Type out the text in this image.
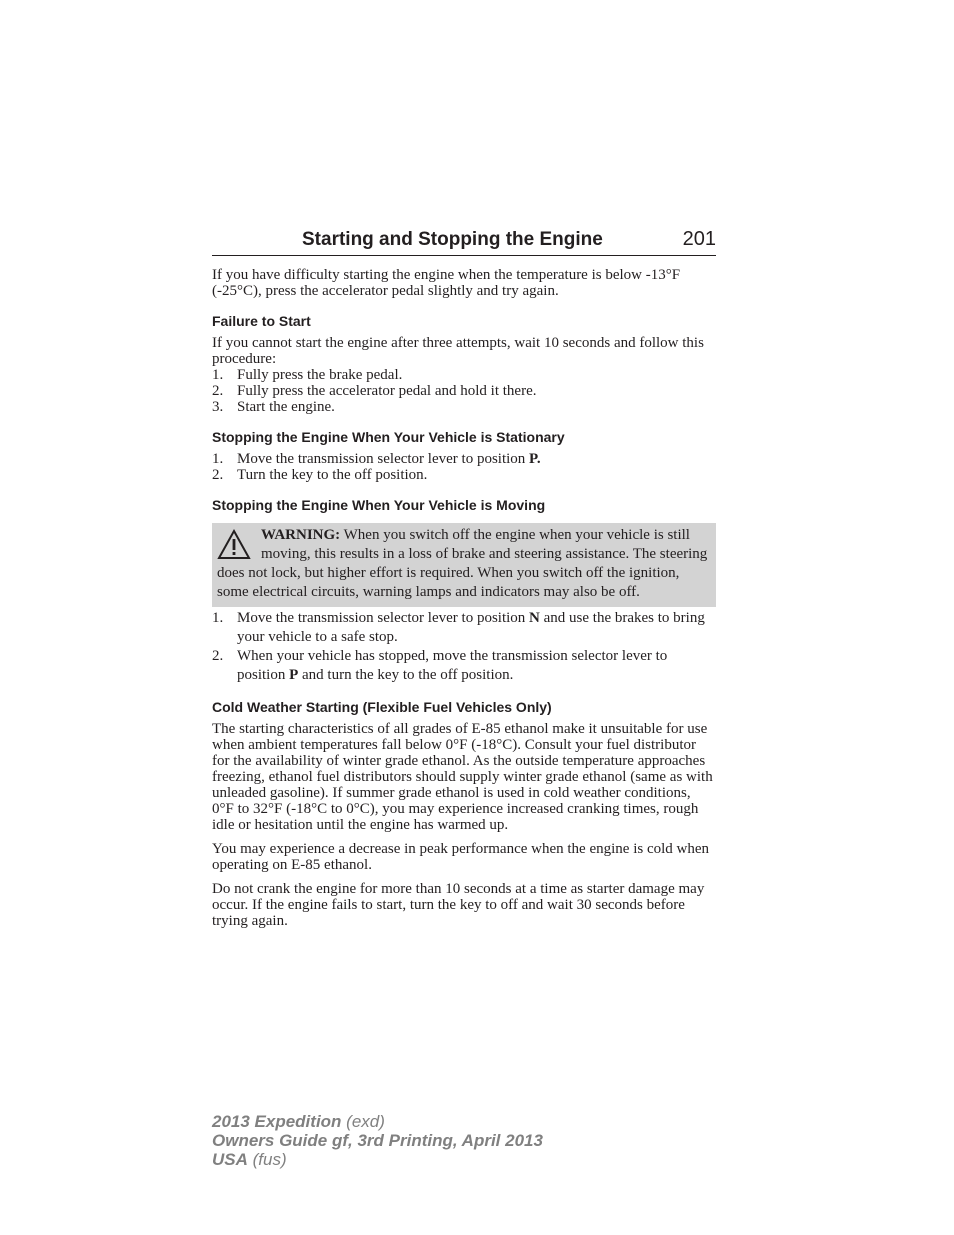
Starting and Stopping the Engine	201

If you have difficulty starting the engine when the temperature is below -13°F (-25°C), press the accelerator pedal slightly and try again.

Failure to Start

If you cannot start the engine after three attempts, wait 10 seconds and follow this procedure:

1. Fully press the brake pedal.
2. Fully press the accelerator pedal and hold it there.
3. Start the engine.
Stopping the Engine When Your Vehicle is Stationary
1. Move the transmission selector lever to position P.
2. Turn the key to the off position.
Stopping the Engine When Your Vehicle is Moving

WARNING: When you switch off the engine when your vehicle is still moving, this results in a loss of brake and steering assistance. The steering does not lock, but higher effort is required. When you switch off the ignition, some electrical circuits, warning lamps and indicators may also be off.

1. Move the transmission selector lever to position N and use the brakes to bring your vehicle to a safe stop.
2. When your vehicle has stopped, move the transmission selector lever to position P and turn the key to the off position.
Cold Weather Starting (Flexible Fuel Vehicles Only)

The starting characteristics of all grades of E-85 ethanol make it unsuitable for use when ambient temperatures fall below 0°F (-18°C). Consult your fuel distributor for the availability of winter grade ethanol. As the outside temperature approaches freezing, ethanol fuel distributors should supply winter grade ethanol (same as with unleaded gasoline). If summer grade ethanol is used in cold weather conditions, 0°F to 32°F (-18°C to 0°C), you may experience increased cranking times, rough idle or hesitation until the engine has warmed up.

You may experience a decrease in peak performance when the engine is cold when operating on E-85 ethanol.

Do not crank the engine for more than 10 seconds at a time as starter damage may occur. If the engine fails to start, turn the key to off and wait 30 seconds before trying again.

2013 Expedition (exd)
Owners Guide gf, 3rd Printing, April 2013
USA (fus)
